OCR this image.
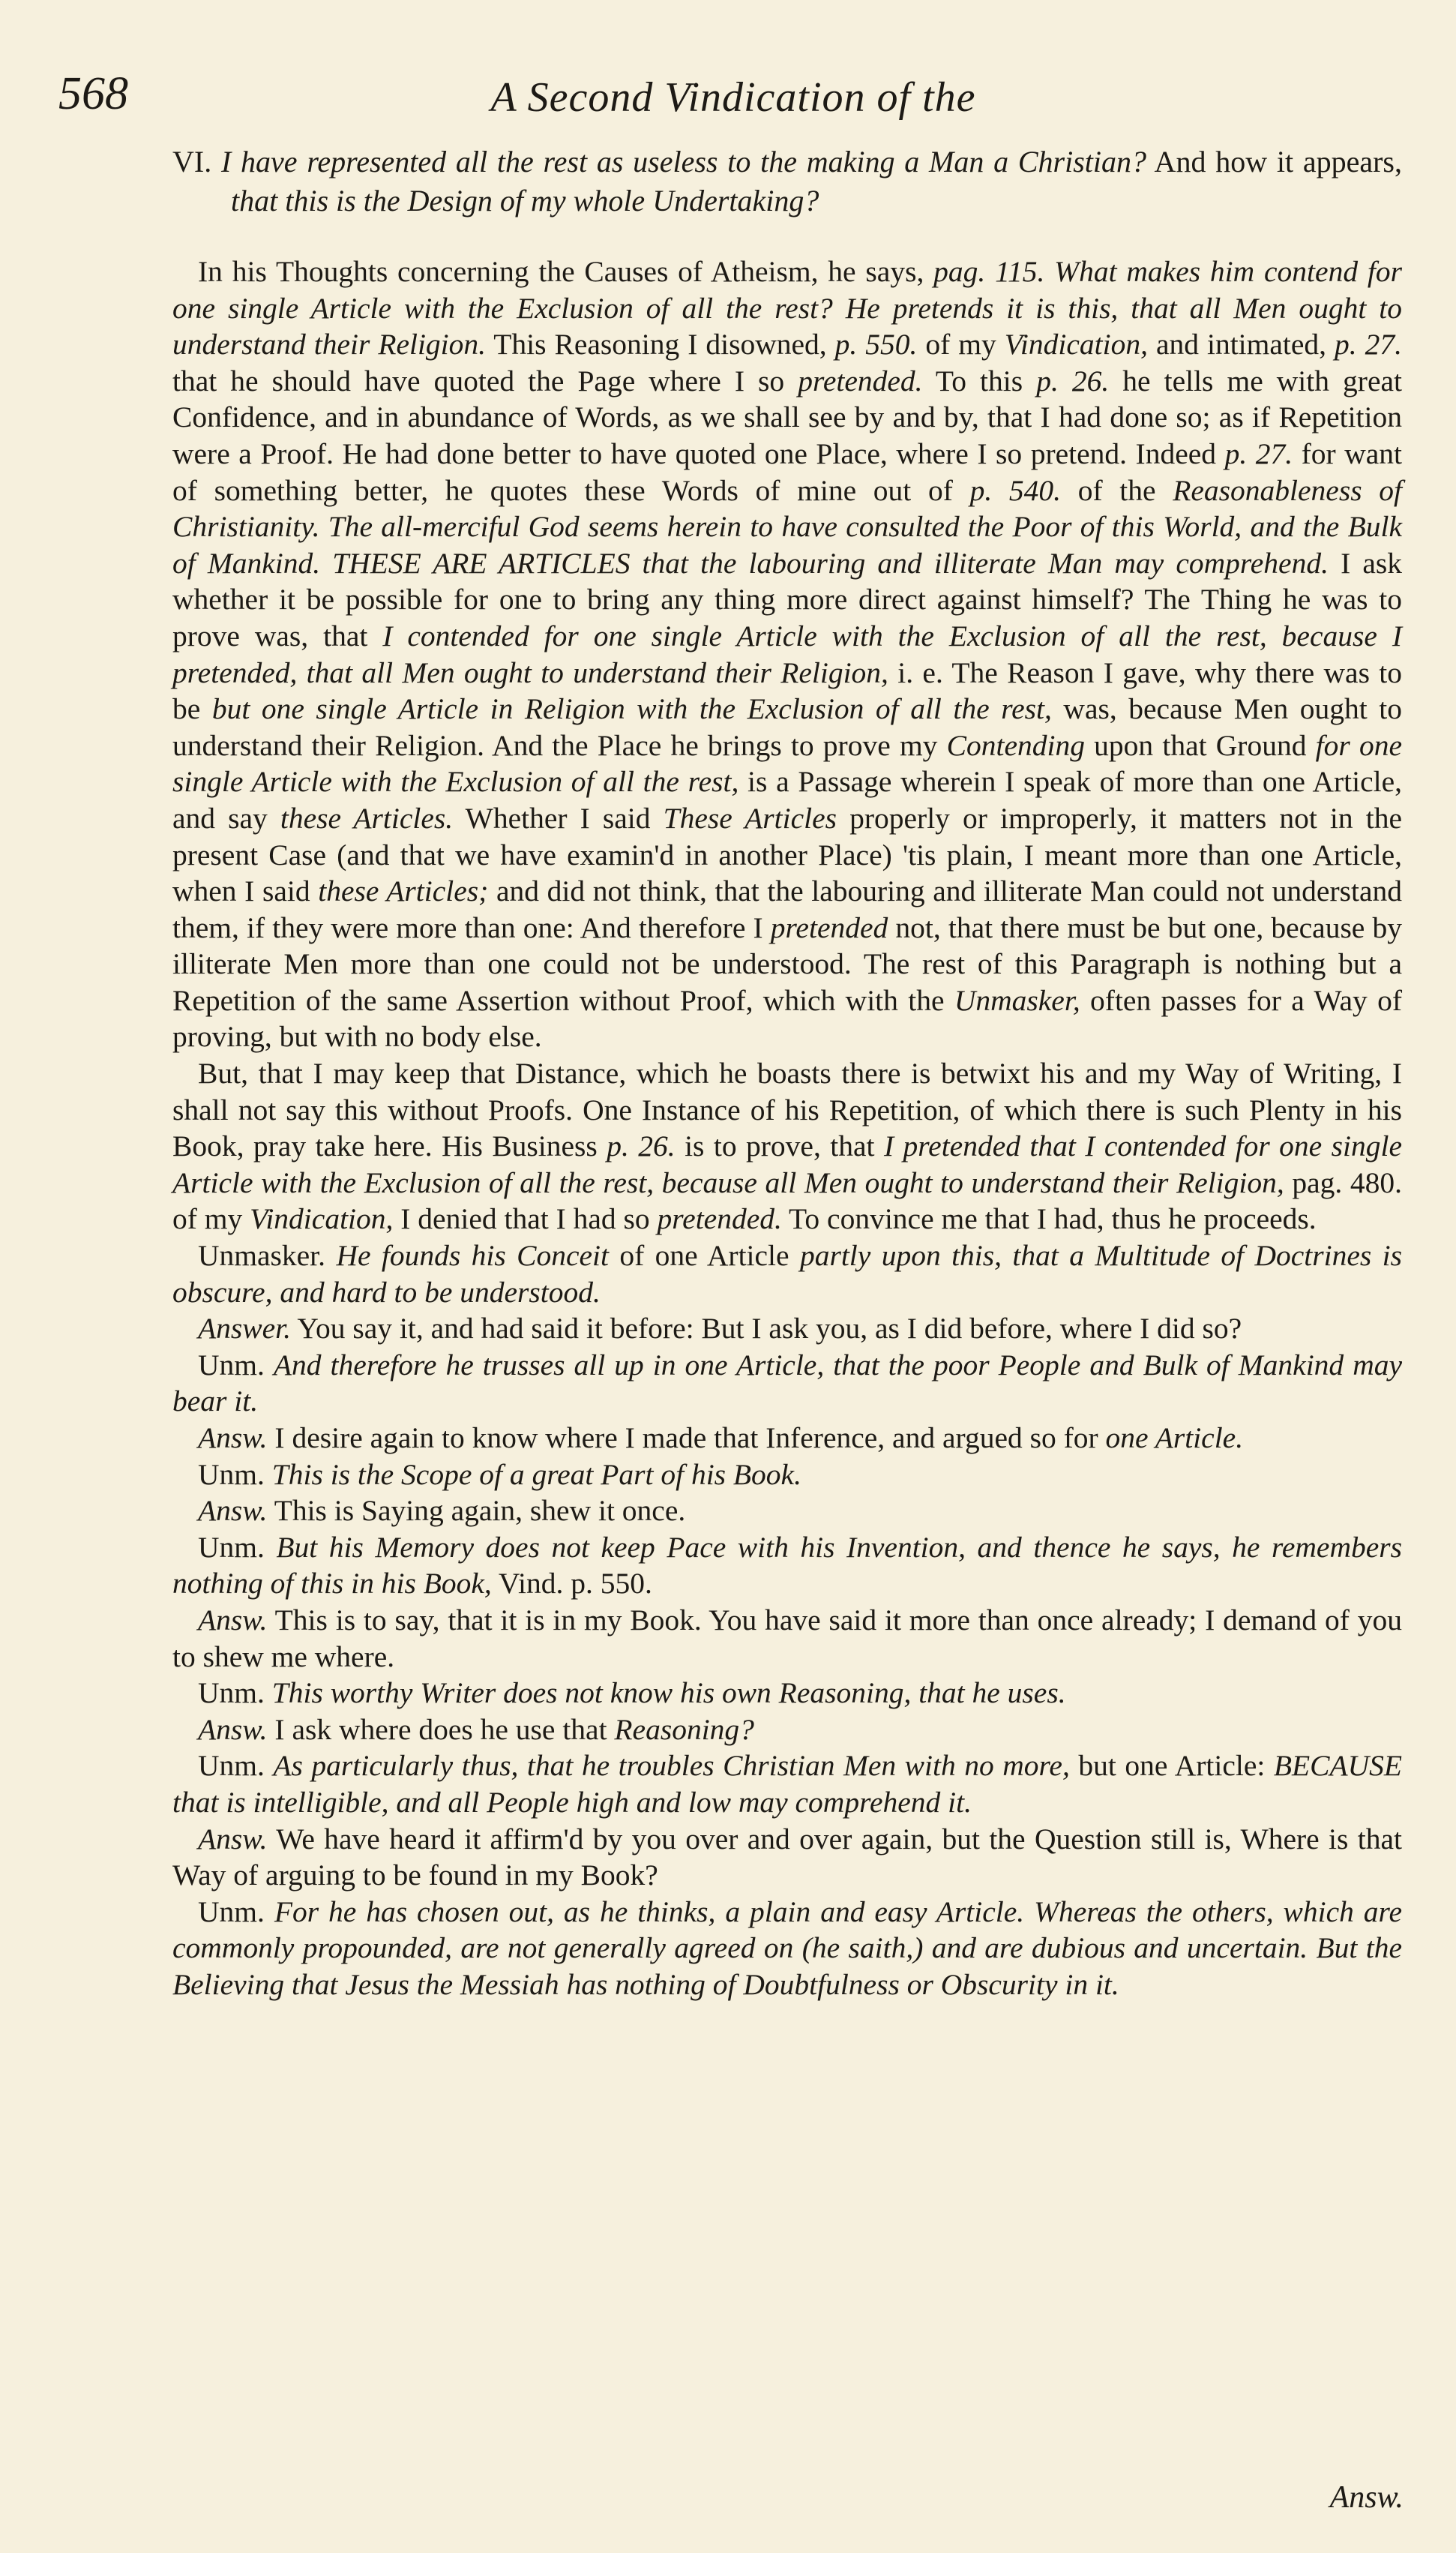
568	A Second Vindication of the

VI. I have represented all the rest as useless to the making a Man a Christian? And how it appears, that this is the Design of my whole Undertaking?

In his Thoughts concerning the Causes of Atheism, he says, pag. 115. What makes him contend for one single Article with the Exclusion of all the rest? He pretends it is this, that all Men ought to understand their Religion. This Reasoning I disowned, p. 550. of my Vindication, and intimated, p. 27. that he should have quoted the Page where I so pretended. To this p. 26. he tells me with great Confidence, and in abundance of Words, as we shall see by and by, that I had done so; as if Repetition were a Proof. He had done better to have quoted one Place, where I so pretend. Indeed p. 27. for want of something better, he quotes these Words of mine out of p. 540. of the Reasonableness of Christianity. The all-merciful God seems herein to have consulted the Poor of this World, and the Bulk of Mankind. THESE ARE ARTICLES that the labouring and illiterate Man may comprehend. I ask whether it be possible for one to bring any thing more direct against himself? The Thing he was to prove was, that I contended for one single Article with the Exclusion of all the rest, because I pretended, that all Men ought to understand their Religion, i. e. The Reason I gave, why there was to be but one single Article in Religion with the Exclusion of all the rest, was, because Men ought to understand their Religion. And the Place he brings to prove my Contending upon that Ground for one single Article with the Exclusion of all the rest, is a Passage wherein I speak of more than one Article, and say these Articles. Whether I said These Articles properly or improperly, it matters not in the present Case (and that we have examin'd in another Place) 'tis plain, I meant more than one Article, when I said these Articles; and did not think, that the labouring and illiterate Man could not understand them, if they were more than one: And therefore I pretended not, that there must be but one, because by illiterate Men more than one could not be understood. The rest of this Paragraph is nothing but a Repetition of the same Assertion without Proof, which with the Unmasker, often passes for a Way of proving, but with no body else.

But, that I may keep that Distance, which he boasts there is betwixt his and my Way of Writing, I shall not say this without Proofs. One Instance of his Repetition, of which there is such Plenty in his Book, pray take here. His Business p. 26. is to prove, that I pretended that I contended for one single Article with the Exclusion of all the rest, because all Men ought to understand their Religion, pag. 480. of my Vindication, I denied that I had so pretended. To convince me that I had, thus he proceeds.

Unmasker. He founds his Conceit of one Article partly upon this, that a Multitude of Doctrines is obscure, and hard to be understood.

Answer. You say it, and had said it before: But I ask you, as I did before, where I did so?

Unm. And therefore he trusses all up in one Article, that the poor People and Bulk of Mankind may bear it.

Answ. I desire again to know where I made that Inference, and argued so for one Article.

Unm. This is the Scope of a great Part of his Book.

Answ. This is Saying again, shew it once.

Unm. But his Memory does not keep Pace with his Invention, and thence he says, he remembers nothing of this in his Book, Vind. p. 550.

Answ. This is to say, that it is in my Book. You have said it more than once already; I demand of you to shew me where.

Unm. This worthy Writer does not know his own Reasoning, that he uses.

Answ. I ask where does he use that Reasoning?

Unm. As particularly thus, that he troubles Christian Men with no more, but one Article: BECAUSE that is intelligible, and all People high and low may comprehend it.

Answ. We have heard it affirm'd by you over and over again, but the Question still is, Where is that Way of arguing to be found in my Book?

Unm. For he has chosen out, as he thinks, a plain and easy Article. Whereas the others, which are commonly propounded, are not generally agreed on (he saith,) and are dubious and uncertain. But the Believing that Jesus the Messiah has nothing of Doubtfulness or Obscurity in it.

Answ.
